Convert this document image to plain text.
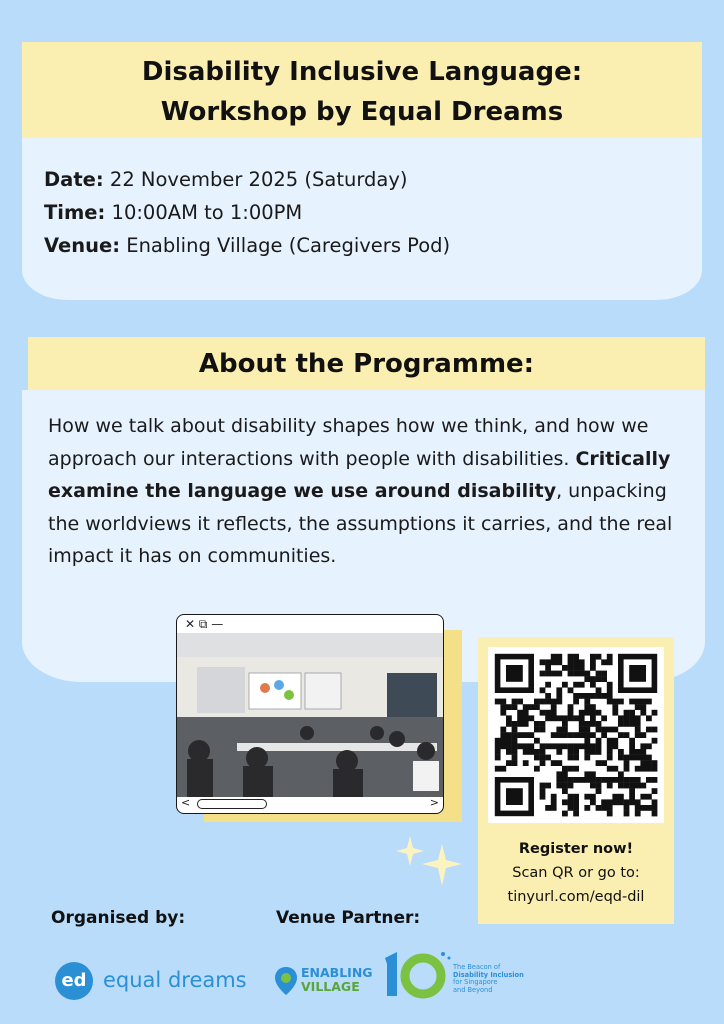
Disability Inclusive Language:
Workshop by Equal Dreams
Date: 22 November 2025 (Saturday)
Time: 10:00AM to 1:00PM
Venue: Enabling Village (Caregivers Pod)
About the Programme:

How we talk about disability shapes how we think, and how we approach our interactions with people with disabilities. Critically examine the language we use around disability, unpacking the worldviews it reflects, the assumptions it carries, and the real impact it has on communities.

✕ ⧉ —
<	>
Register now!
Scan QR or go to:
tinyurl.com/eqd-dil
Organised by:
ed equal dreams
Venue Partner:
ENABLING
VILLAGE
The Beacon of
Disability Inclusion
for Singapore
and Beyond
